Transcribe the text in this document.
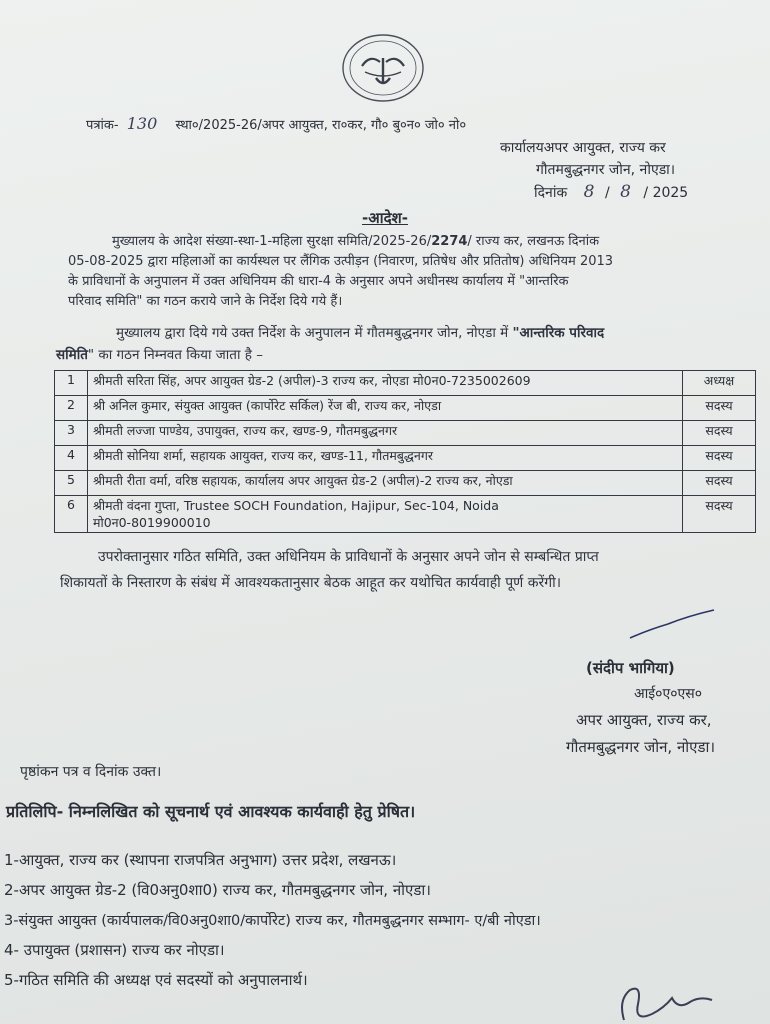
पत्रांक- 130 स्था०/2025-26/अपर आयुक्त, रा०कर, गौ० बु०न० जो० नो०
कार्यालयअपर आयुक्त, राज्य कर
गौतमबुद्धनगर जोन, नोएडा।
दिनांक 8 / 8 / 2025
-आदेश-
मुख्यालय के आदेश संख्या-स्था-1-महिला सुरक्षा समिति/2025-26/2274/ राज्य कर, लखनऊ दिनांक
05-08-2025 द्वारा महिलाओं का कार्यस्थल पर लैंगिक उत्पीड़न (निवारण, प्रतिषेध और प्रतितोष) अधिनियम 2013
के प्राविधानों के अनुपालन में उक्त अधिनियम की धारा-4 के अनुसार अपने अधीनस्थ कार्यालय में "आन्तरिक
परिवाद समिति" का गठन कराये जाने के निर्देश दिये गये हैं।
मुख्यालय द्वारा दिये गये उक्त निर्देश के अनुपालन में गौतमबुद्धनगर जोन, नोएडा में "आन्तरिक परिवाद
समिति" का गठन निम्नवत किया जाता है –
1	श्रीमती सरिता सिंह, अपर आयुक्त ग्रेड-2 (अपील)-3 राज्य कर, नोएडा मो0न0-7235002609	अध्यक्ष
2	श्री अनिल कुमार, संयुक्त आयुक्त (कार्पोरेट सर्किल) रेंज बी, राज्य कर, नोएडा	सदस्य
3	श्रीमती लज्जा पाण्डेय, उपायुक्त, राज्य कर, खण्ड-9, गौतमबुद्धनगर	सदस्य
4	श्रीमती सोनिया शर्मा, सहायक आयुक्त, राज्य कर, खण्ड-11, गौतमबुद्धनगर	सदस्य
5	श्रीमती रीता वर्मा, वरिष्ठ सहायक, कार्यालय अपर आयुक्त ग्रेड-2 (अपील)-2 राज्य कर, नोएडा	सदस्य
6	श्रीमती वंदना गुप्ता, Trustee SOCH Foundation, Hajipur, Sec-104, Noida
मो0न0-8019900010	सदस्य
उपरोक्तानुसार गठित समिति, उक्त अधिनियम के प्राविधानों के अनुसार अपने जोन से सम्बन्धित प्राप्त
शिकायतों के निस्तारण के संबंध में आवश्यकतानुसार बेठक आहूत कर यथोचित कार्यवाही पूर्ण करेंगी।
(संदीप भागिया)
आई०ए०एस०
अपर आयुक्त, राज्य कर,
गौतमबुद्धनगर जोन, नोएडा।
पृष्ठांकन पत्र व दिनांक उक्त।
प्रतिलिपि- निम्नलिखित को सूचनार्थ एवं आवश्यक कार्यवाही हेतु प्रेषित।
1-आयुक्त, राज्य कर (स्थापना राजपत्रित अनुभाग) उत्तर प्रदेश, लखनऊ।
2-अपर आयुक्त ग्रेड-2 (वि0अनु0शा0) राज्य कर, गौतमबुद्धनगर जोन, नोएडा।
3-संयुक्त आयुक्त (कार्यपालक/वि0अनु0शा0/कार्पोरेट) राज्य कर, गौतमबुद्धनगर सम्भाग- ए/बी नोएडा।
4- उपायुक्त (प्रशासन) राज्य कर नोएडा।
5-गठित समिति की अध्यक्ष एवं सदस्यों को अनुपालनार्थ।
